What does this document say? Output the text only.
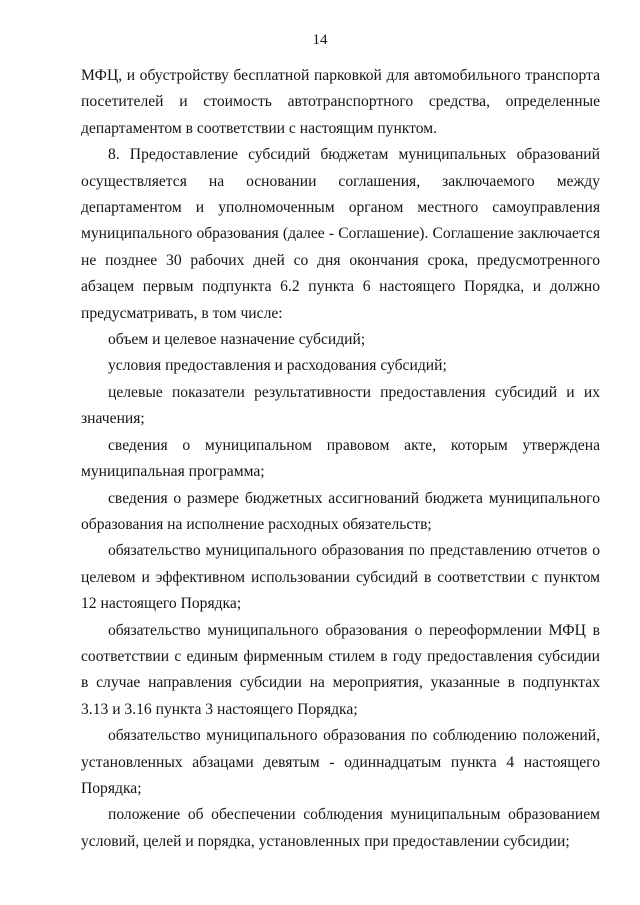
14

МФЦ, и обустройству бесплатной парковкой для автомобильного транспорта посетителей и стоимость автотранспортного средства, определенные департаментом в соответствии с настоящим пунктом.

8. Предоставление субсидий бюджетам муниципальных образований осуществляется на основании соглашения, заключаемого между департаментом и уполномоченным органом местного самоуправления муниципального образования (далее - Соглашение). Соглашение заключается не позднее 30 рабочих дней со дня окончания срока, предусмотренного абзацем первым подпункта 6.2 пункта 6 настоящего Порядка, и должно предусматривать, в том числе:

объем и целевое назначение субсидий;

условия предоставления и расходования субсидий;

целевые показатели результативности предоставления субсидий и их значения;

сведения о муниципальном правовом акте, которым утверждена муниципальная программа;

сведения о размере бюджетных ассигнований бюджета муниципального образования на исполнение расходных обязательств;

обязательство муниципального образования по представлению отчетов о целевом и эффективном использовании субсидий в соответствии с пунктом 12 настоящего Порядка;

обязательство муниципального образования о переоформлении МФЦ в соответствии с единым фирменным стилем в году предоставления субсидии в случае направления субсидии на мероприятия, указанные в подпунктах 3.13 и 3.16 пункта 3 настоящего Порядка;

обязательство муниципального образования по соблюдению положений, установленных абзацами девятым - одиннадцатым пункта 4 настоящего Порядка;

положение об обеспечении соблюдения муниципальным образованием условий, целей и порядка, установленных при предоставлении субсидии;
